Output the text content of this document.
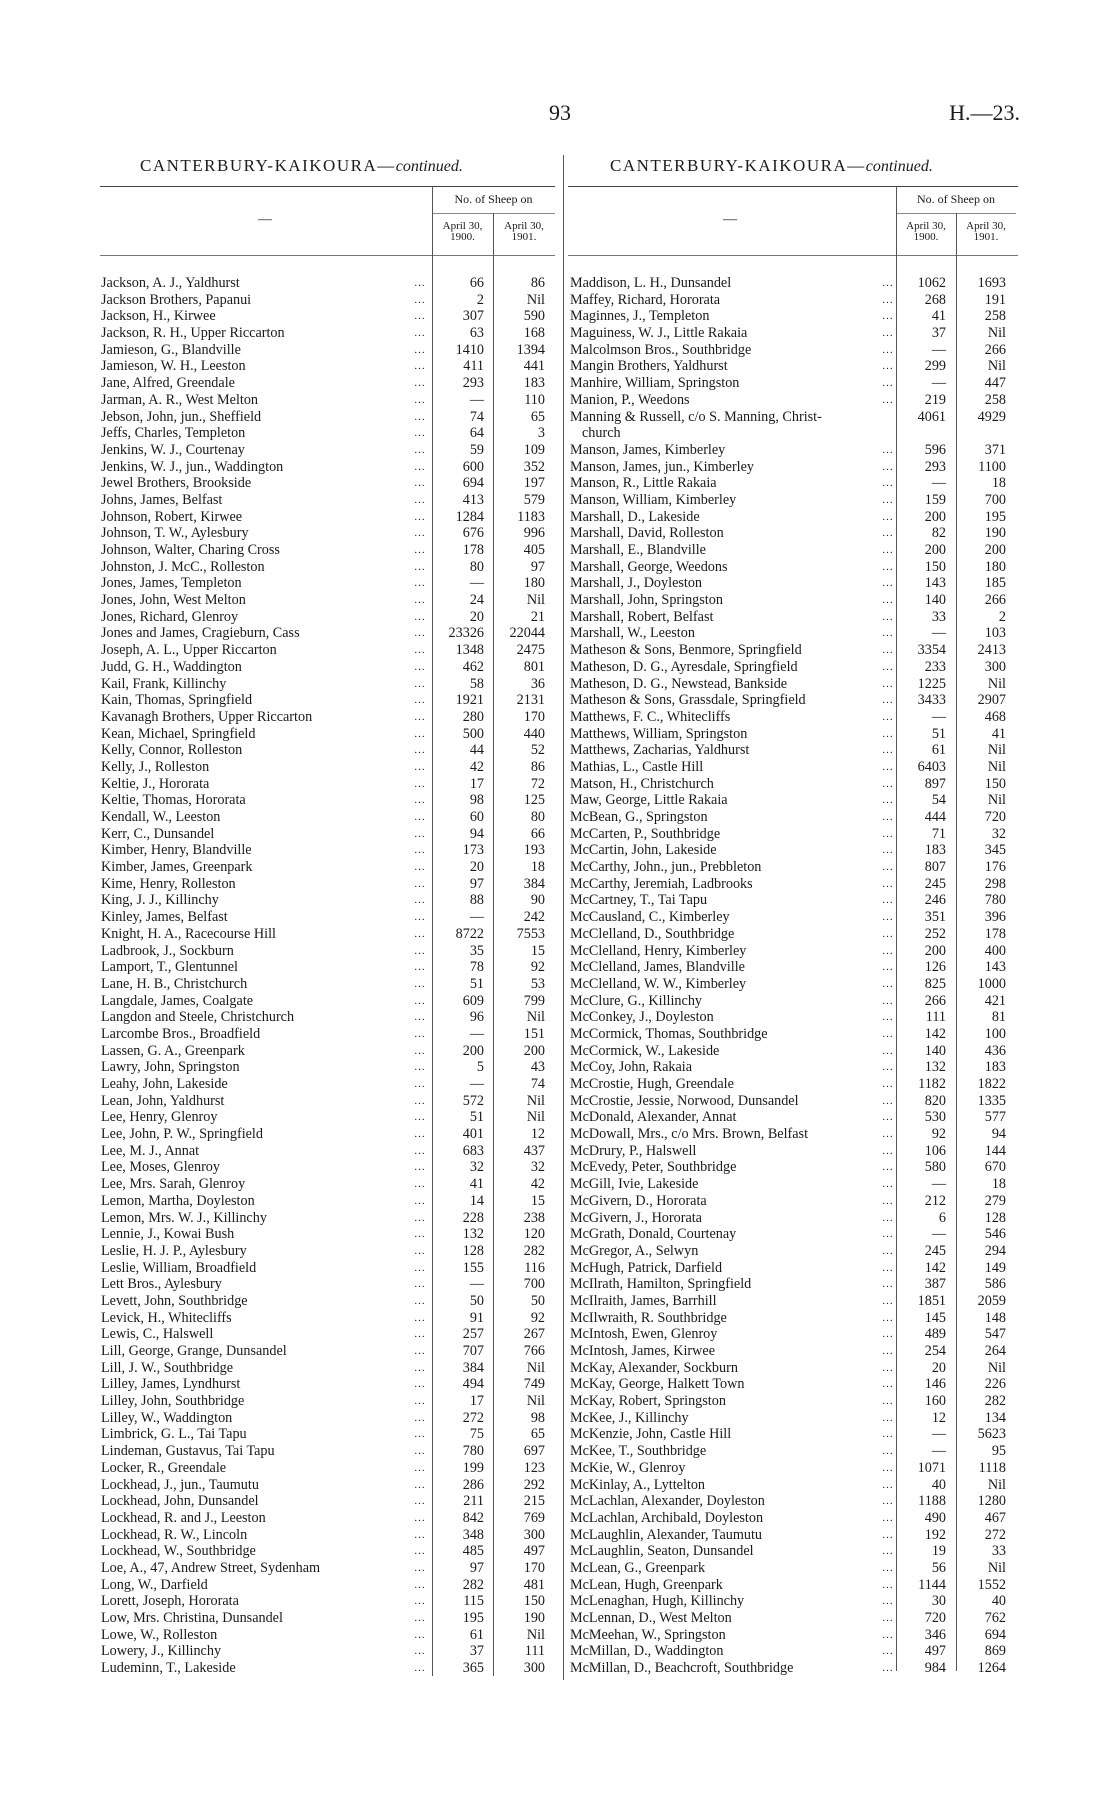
93	H.—23.
CANTERBURY-KAIKOURA—continued.
—
No. of Sheep on
April 30,
1900.
April 30,
1901.
CANTERBURY-KAIKOURA—continued.
—
No. of Sheep on
April 30,
1900.
April 30,
1901.
Jackson, A. J., Yaldhurst	...	66	86
Jackson Brothers, Papanui	...	2	Nil
Jackson, H., Kirwee	...	307	590
Jackson, R. H., Upper Riccarton	...	63	168
Jamieson, G., Blandville	...	1410	1394
Jamieson, W. H., Leeston	...	411	441
Jane, Alfred, Greendale	...	293	183
Jarman, A. R., West Melton	...	—	110
Jebson, John, jun., Sheffield	...	74	65
Jeffs, Charles, Templeton	...	64	3
Jenkins, W. J., Courtenay	...	59	109
Jenkins, W. J., jun., Waddington	...	600	352
Jewel Brothers, Brookside	...	694	197
Johns, James, Belfast	...	413	579
Johnson, Robert, Kirwee	...	1284	1183
Johnson, T. W., Aylesbury	...	676	996
Johnson, Walter, Charing Cross	...	178	405
Johnston, J. McC., Rolleston	...	80	97
Jones, James, Templeton	...	—	180
Jones, John, West Melton	...	24	Nil
Jones, Richard, Glenroy	...	20	21
Jones and James, Cragieburn, Cass	...	23326	22044
Joseph, A. L., Upper Riccarton	...	1348	2475
Judd, G. H., Waddington	...	462	801
Kail, Frank, Killinchy	...	58	36
Kain, Thomas, Springfield	...	1921	2131
Kavanagh Brothers, Upper Riccarton	...	280	170
Kean, Michael, Springfield	...	500	440
Kelly, Connor, Rolleston	...	44	52
Kelly, J., Rolleston	...	42	86
Keltie, J., Hororata	...	17	72
Keltie, Thomas, Hororata	...	98	125
Kendall, W., Leeston	...	60	80
Kerr, C., Dunsandel	...	94	66
Kimber, Henry, Blandville	...	173	193
Kimber, James, Greenpark	...	20	18
Kime, Henry, Rolleston	...	97	384
King, J. J., Killinchy	...	88	90
Kinley, James, Belfast	...	—	242
Knight, H. A., Racecourse Hill	...	8722	7553
Ladbrook, J., Sockburn	...	35	15
Lamport, T., Glentunnel	...	78	92
Lane, H. B., Christchurch	...	51	53
Langdale, James, Coalgate	...	609	799
Langdon and Steele, Christchurch	...	96	Nil
Larcombe Bros., Broadfield	...	—	151
Lassen, G. A., Greenpark	...	200	200
Lawry, John, Springston	...	5	43
Leahy, John, Lakeside	...	—	74
Lean, John, Yaldhurst	...	572	Nil
Lee, Henry, Glenroy	...	51	Nil
Lee, John, P. W., Springfield	...	401	12
Lee, M. J., Annat	...	683	437
Lee, Moses, Glenroy	...	32	32
Lee, Mrs. Sarah, Glenroy	...	41	42
Lemon, Martha, Doyleston	...	14	15
Lemon, Mrs. W. J., Killinchy	...	228	238
Lennie, J., Kowai Bush	...	132	120
Leslie, H. J. P., Aylesbury	...	128	282
Leslie, William, Broadfield	...	155	116
Lett Bros., Aylesbury	...	—	700
Levett, John, Southbridge	...	50	50
Levick, H., Whitecliffs	...	91	92
Lewis, C., Halswell	...	257	267
Lill, George, Grange, Dunsandel	...	707	766
Lill, J. W., Southbridge	...	384	Nil
Lilley, James, Lyndhurst	...	494	749
Lilley, John, Southbridge	...	17	Nil
Lilley, W., Waddington	...	272	98
Limbrick, G. L., Tai Tapu	...	75	65
Lindeman, Gustavus, Tai Tapu	...	780	697
Locker, R., Greendale	...	199	123
Lockhead, J., jun., Taumutu	...	286	292
Lockhead, John, Dunsandel	...	211	215
Lockhead, R. and J., Leeston	...	842	769
Lockhead, R. W., Lincoln	...	348	300
Lockhead, W., Southbridge	...	485	497
Loe, A., 47, Andrew Street, Sydenham	...	97	170
Long, W., Darfield	...	282	481
Lorett, Joseph, Hororata	...	115	150
Low, Mrs. Christina, Dunsandel	...	195	190
Lowe, W., Rolleston	...	61	Nil
Lowery, J., Killinchy	...	37	111
Ludeminn, T., Lakeside	...	365	300
Maddison, L. H., Dunsandel	...	1062	1693
Maffey, Richard, Hororata	...	268	191
Maginnes, J., Templeton	...	41	258
Maguiness, W. J., Little Rakaia	...	37	Nil
Malcolmson Bros., Southbridge	...	—	266
Mangin Brothers, Yaldhurst	...	299	Nil
Manhire, William, Springston	...	—	447
Manion, P., Weedons	...	219	258
Manning & Russell, c/o S. Manning, Christ-
church
4061	4929
Manson, James, Kimberley	...	596	371
Manson, James, jun., Kimberley	...	293	1100
Manson, R., Little Rakaia	...	—	18
Manson, William, Kimberley	...	159	700
Marshall, D., Lakeside	...	200	195
Marshall, David, Rolleston	...	82	190
Marshall, E., Blandville	...	200	200
Marshall, George, Weedons	...	150	180
Marshall, J., Doyleston	...	143	185
Marshall, John, Springston	...	140	266
Marshall, Robert, Belfast	...	33	2
Marshall, W., Leeston	...	—	103
Matheson & Sons, Benmore, Springfield	...	3354	2413
Matheson, D. G., Ayresdale, Springfield	...	233	300
Matheson, D. G., Newstead, Bankside	...	1225	Nil
Matheson & Sons, Grassdale, Springfield	...	3433	2907
Matthews, F. C., Whitecliffs	...	—	468
Matthews, William, Springston	...	51	41
Matthews, Zacharias, Yaldhurst	...	61	Nil
Mathias, L., Castle Hill	...	6403	Nil
Matson, H., Christchurch	...	897	150
Maw, George, Little Rakaia	...	54	Nil
McBean, G., Springston	...	444	720
McCarten, P., Southbridge	...	71	32
McCartin, John, Lakeside	...	183	345
McCarthy, John., jun., Prebbleton	...	807	176
McCarthy, Jeremiah, Ladbrooks	...	245	298
McCartney, T., Tai Tapu	...	246	780
McCausland, C., Kimberley	...	351	396
McClelland, D., Southbridge	...	252	178
McClelland, Henry, Kimberley	...	200	400
McClelland, James, Blandville	...	126	143
McClelland, W. W., Kimberley	...	825	1000
McClure, G., Killinchy	...	266	421
McConkey, J., Doyleston	...	111	81
McCormick, Thomas, Southbridge	...	142	100
McCormick, W., Lakeside	...	140	436
McCoy, John, Rakaia	...	132	183
McCrostie, Hugh, Greendale	...	1182	1822
McCrostie, Jessie, Norwood, Dunsandel	...	820	1335
McDonald, Alexander, Annat	...	530	577
McDowall, Mrs., c/o Mrs. Brown, Belfast	...	92	94
McDrury, P., Halswell	...	106	144
McEvedy, Peter, Southbridge	...	580	670
McGill, Ivie, Lakeside	...	—	18
McGivern, D., Hororata	...	212	279
McGivern, J., Hororata	...	6	128
McGrath, Donald, Courtenay	...	—	546
McGregor, A., Selwyn	...	245	294
McHugh, Patrick, Darfield	...	142	149
McIlrath, Hamilton, Springfield	...	387	586
McIlraith, James, Barrhill	...	1851	2059
McIlwraith, R. Southbridge	...	145	148
McIntosh, Ewen, Glenroy	...	489	547
McIntosh, James, Kirwee	...	254	264
McKay, Alexander, Sockburn	...	20	Nil
McKay, George, Halkett Town	...	146	226
McKay, Robert, Springston	...	160	282
McKee, J., Killinchy	...	12	134
McKenzie, John, Castle Hill	...	—	5623
McKee, T., Southbridge	...	—	95
McKie, W., Glenroy	...	1071	1118
McKinlay, A., Lyttelton	...	40	Nil
McLachlan, Alexander, Doyleston	...	1188	1280
McLachlan, Archibald, Doyleston	...	490	467
McLaughlin, Alexander, Taumutu	...	192	272
McLaughlin, Seaton, Dunsandel	...	19	33
McLean, G., Greenpark	...	56	Nil
McLean, Hugh, Greenpark	...	1144	1552
McLenaghan, Hugh, Killinchy	...	30	40
McLennan, D., West Melton	...	720	762
McMeehan, W., Springston	...	346	694
McMillan, D., Waddington	...	497	869
McMillan, D., Beachcroft, Southbridge	...	984	1264
